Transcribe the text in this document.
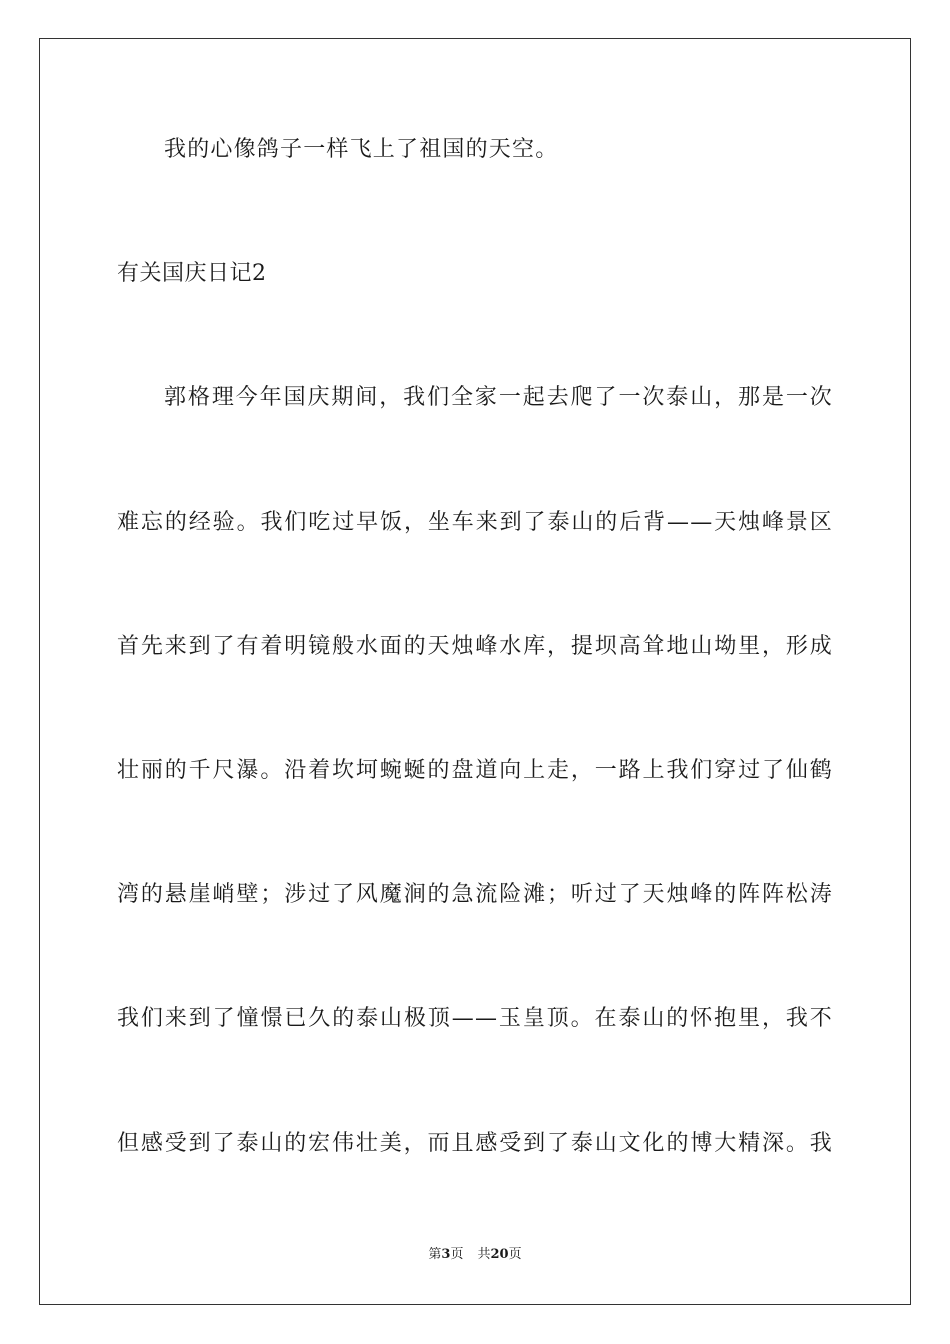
我的心像鸽子一样飞上了祖国的天空。
有关国庆日记2
郭格理今年国庆期间，我们全家一起去爬了一次泰山，那是一次
难忘的经验。我们吃过早饭，坐车来到了泰山的后背——天烛峰景区
首先来到了有着明镜般水面的天烛峰水库，提坝高耸地山坳里，形成
壮丽的千尺瀑。沿着坎坷蜿蜒的盘道向上走，一路上我们穿过了仙鹤
湾的悬崖峭壁；涉过了风魔涧的急流险滩；听过了天烛峰的阵阵松涛
我们来到了憧憬已久的泰山极顶——玉皇顶。在泰山的怀抱里，我不
但感受到了泰山的宏伟壮美，而且感受到了泰山文化的博大精深。我
第3页 共20页
